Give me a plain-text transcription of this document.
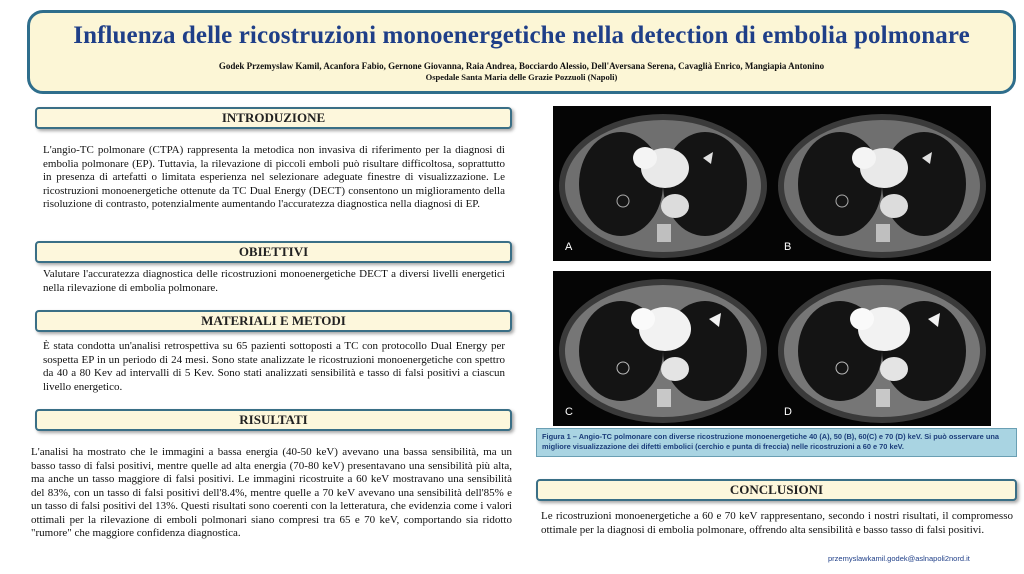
Influenza delle ricostruzioni monoenergetiche nella detection di embolia polmonare
Godek Przemyslaw Kamil, Acanfora Fabio, Gernone Giovanna, Raia Andrea, Bocciardo Alessio, Dell'Aversana Serena, Cavaglià Enrico, Mangiapia Antonino
Ospedale Santa Maria delle Grazie Pozzuoli (Napoli)
INTRODUZIONE
L'angio-TC polmonare (CTPA) rappresenta la metodica non invasiva di riferimento per la diagnosi di embolia polmonare (EP). Tuttavia, la rilevazione di piccoli emboli può risultare difficoltosa, soprattutto in presenza di artefatti o limitata esperienza nel selezionare adeguate finestre di visualizzazione. Le ricostruzioni monoenergetiche ottenute da TC Dual Energy (DECT) consentono un miglioramento della risoluzione di contrasto, potenzialmente aumentando l'accuratezza diagnostica nella diagnosi di EP.
OBIETTIVI
Valutare l'accuratezza diagnostica delle ricostruzioni monoenergetiche DECT a diversi livelli energetici nella rilevazione di embolia polmonare.
MATERIALI E METODI
È stata condotta un'analisi retrospettiva su 65 pazienti sottoposti a TC con protocollo Dual Energy per sospetta EP in un periodo di 24 mesi. Sono state analizzate le ricostruzioni monoenergetiche con spettro da 40 a 80 Kev ad intervalli di 5 Kev. Sono stati analizzati sensibilità e tasso di falsi positivi a ciascun livello energetico.
RISULTATI
L'analisi ha mostrato che le immagini a bassa energia (40-50 keV) avevano una bassa sensibilità, ma un basso tasso di falsi positivi, mentre quelle ad alta energia (70-80 keV) presentavano una sensibilità più alta, ma anche un tasso maggiore di falsi positivi. Le immagini ricostruite a 60 keV mostravano una sensibilità del 83%, con un tasso di falsi positivi dell'8.4%, mentre quelle a 70 keV avevano una sensibilità dell'85% e un tasso di falsi positivi del 13%. Questi risultati sono coerenti con la letteratura, che evidenzia come i valori ottimali per la rilevazione di emboli polmonari siano compresi tra 65 e 70 keV, comportando sia ridotto "rumore" che maggiore confidenza diagnostica.
A	B
C	D
Figura 1 – Angio-TC polmonare con diverse ricostruzione monoenergetiche 40 (A), 50 (B), 60(C) e 70 (D) keV. Si può osservare una migliore visualizzazione dei difetti embolici (cerchio e punta di freccia) nelle ricostruzioni a 60 e 70 keV.
CONCLUSIONI
Le ricostruzioni monoenergetiche a 60 e 70 keV rappresentano, secondo i nostri risultati, il compromesso ottimale per la diagnosi di embolia polmonare, offrendo alta sensibilità e basso tasso di falsi positivi.
przemyslawkamil.godek@aslnapoli2nord.it
